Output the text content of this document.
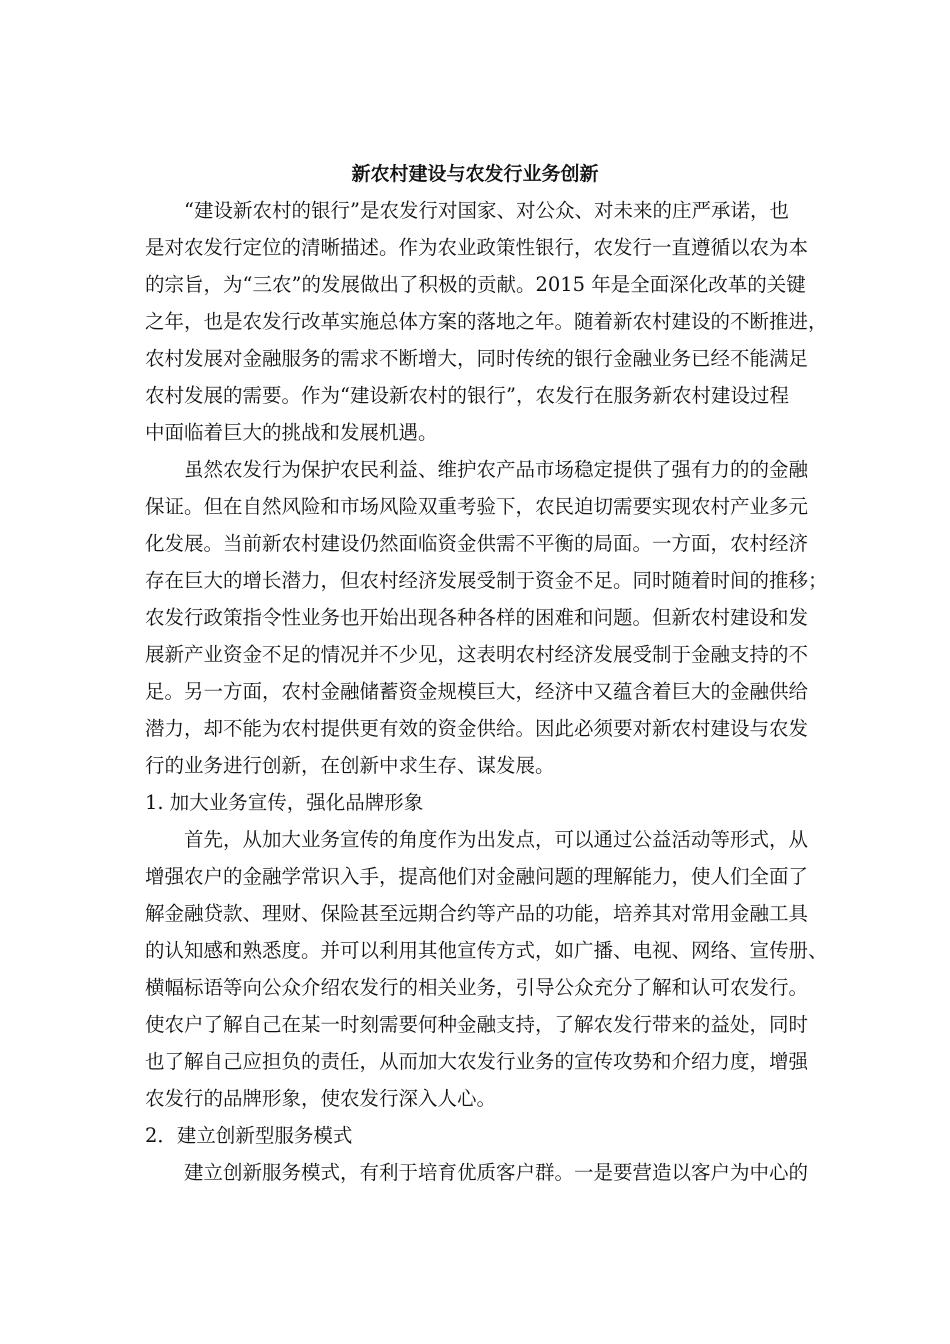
新农村建设与农发行业务创新
“建设新农村的银行”是农发行对国家、对公众、对未来的庄严承诺，也
是对农发行定位的清晰描述。作为农业政策性银行，农发行一直遵循以农为本
的宗旨，为“三农”的发展做出了积极的贡献。2015 年是全面深化改革的关键
之年，也是农发行改革实施总体方案的落地之年。随着新农村建设的不断推进，
农村发展对金融服务的需求不断增大，同时传统的银行金融业务已经不能满足
农村发展的需要。作为“建设新农村的银行”，农发行在服务新农村建设过程
中面临着巨大的挑战和发展机遇。
虽然农发行为保护农民利益、维护农产品市场稳定提供了强有力的的金融
保证。但在自然风险和市场风险双重考验下，农民迫切需要实现农村产业多元
化发展。当前新农村建设仍然面临资金供需不平衡的局面。一方面，农村经济
存在巨大的增长潜力，但农村经济发展受制于资金不足。同时随着时间的推移；
农发行政策指令性业务也开始出现各种各样的困难和问题。但新农村建设和发
展新产业资金不足的情况并不少见，这表明农村经济发展受制于金融支持的不
足。另一方面，农村金融储蓄资金规模巨大，经济中又蕴含着巨大的金融供给
潜力，却不能为农村提供更有效的资金供给。因此必须要对新农村建设与农发
行的业务进行创新，在创新中求生存、谋发展。
1. 加大业务宣传，强化品牌形象
首先，从加大业务宣传的角度作为出发点，可以通过公益活动等形式，从
增强农户的金融学常识入手，提高他们对金融问题的理解能力，使人们全面了
解金融贷款、理财、保险甚至远期合约等产品的功能，培养其对常用金融工具
的认知感和熟悉度。并可以利用其他宣传方式，如广播、电视、网络、宣传册、
横幅标语等向公众介绍农发行的相关业务，引导公众充分了解和认可农发行。
使农户了解自己在某一时刻需要何种金融支持，了解农发行带来的益处，同时
也了解自己应担负的责任，从而加大农发行业务的宣传攻势和介绍力度，增强
农发行的品牌形象，使农发行深入人心。
2．建立创新型服务模式
建立创新服务模式，有利于培育优质客户群。一是要营造以客户为中心的
